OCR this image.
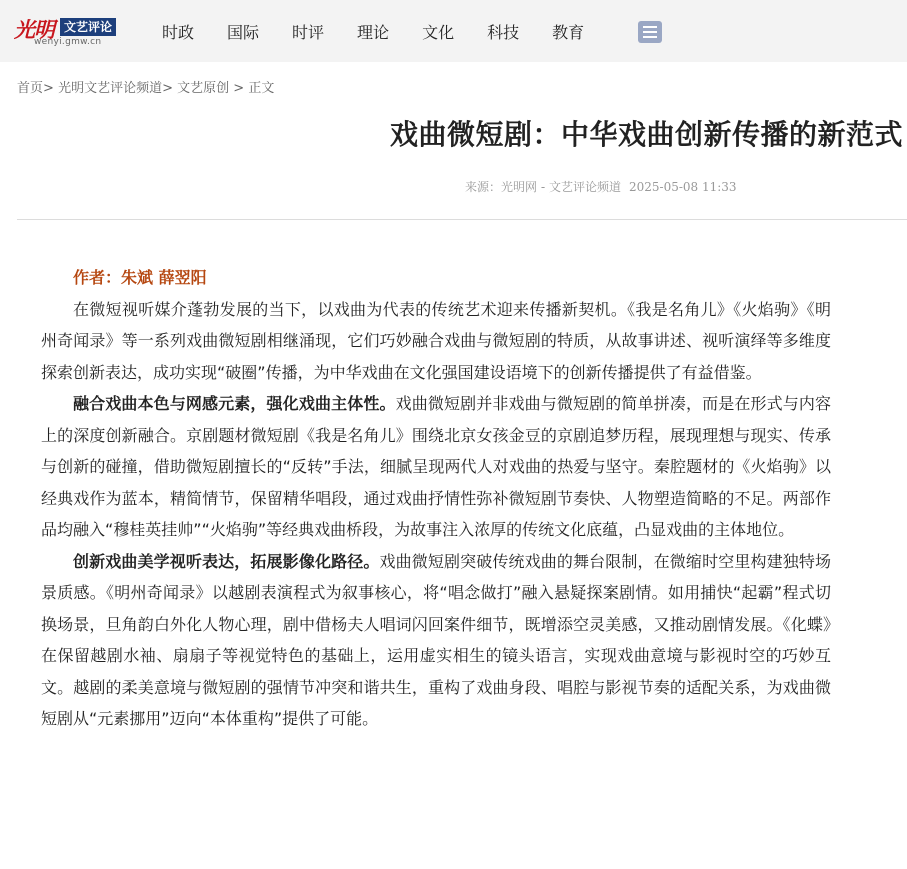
光明 文艺评论
wenyi.gmw.cn
时政 国际 时评 理论 文化 科技 教育
首页> 光明文艺评论频道> 文艺原创 > 正文
戏曲微短剧：中华戏曲创新传播的新范式
来源：光明网 - 文艺评论频道 2025-05-08 11:33

作者：朱斌 薛翌阳

在微短视听媒介蓬勃发展的当下，以戏曲为代表的传统艺术迎来传播新契机。《我是名角儿》《火焰驹》《明州奇闻录》等一系列戏曲微短剧相继涌现，它们巧妙融合戏曲与微短剧的特质，从故事讲述、视听演绎等多维度探索创新表达，成功实现“破圈”传播，为中华戏曲在文化强国建设语境下的创新传播提供了有益借鉴。

融合戏曲本色与网感元素，强化戏曲主体性。戏曲微短剧并非戏曲与微短剧的简单拼凑，而是在形式与内容上的深度创新融合。京剧题材微短剧《我是名角儿》围绕北京女孩金豆的京剧追梦历程，展现理想与现实、传承与创新的碰撞，借助微短剧擅长的“反转”手法，细腻呈现两代人对戏曲的热爱与坚守。秦腔题材的《火焰驹》以经典戏作为蓝本，精简情节，保留精华唱段，通过戏曲抒情性弥补微短剧节奏快、人物塑造简略的不足。两部作品均融入“穆桂英挂帅”“火焰驹”等经典戏曲桥段，为故事注入浓厚的传统文化底蕴，凸显戏曲的主体地位。

创新戏曲美学视听表达，拓展影像化路径。戏曲微短剧突破传统戏曲的舞台限制，在微缩时空里构建独特场景质感。《明州奇闻录》以越剧表演程式为叙事核心，将“唱念做打”融入悬疑探案剧情。如用捕快“起霸”程式切换场景，旦角韵白外化人物心理，剧中借杨夫人唱词闪回案件细节，既增添空灵美感，又推动剧情发展。《化蝶》在保留越剧水袖、扇扇子等视觉特色的基础上，运用虚实相生的镜头语言，实现戏曲意境与影视时空的巧妙互文。越剧的柔美意境与微短剧的强情节冲突和谐共生，重构了戏曲身段、唱腔与影视节奏的适配关系，为戏曲微短剧从“元素挪用”迈向“本体重构”提供了可能。
